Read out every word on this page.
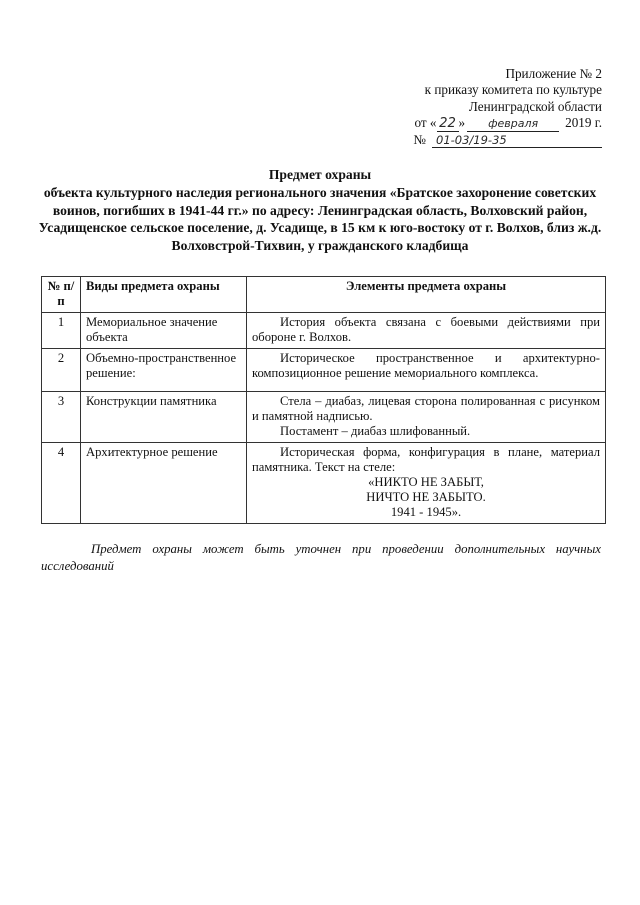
Приложение № 2
к приказу комитета по культуре
Ленинградской области
от « 22 »	февраля	2019 г.
№ 01-03/19-35
Предмет охраны
объекта культурного наследия регионального значения «Братское захоронение советских воинов, погибших в 1941-44 гг.» по адресу: Ленинградская область, Волховский район, Усадищенское сельское поселение, д. Усадище, в 15 км к юго-востоку от г. Волхов, близ ж.д. Волховстрой-Тихвин, у гражданского кладбища
№ п/п	Виды предмета охраны	Элементы предмета охраны
1	Мемориальное значение объекта	История объекта связана с боевыми действиями при обороне г. Волхов.

2	Объемно-пространственное решение:	Историческое пространственное и архитектурно-композиционное решение мемориального комплекса.

3	Конструкции памятника	Стела – диабаз, лицевая сторона полированная с рисунком и памятной надписью.
Постамент – диабаз шлифованный.

4	Архитектурное решение	Историческая форма, конфигурация в плане, материал памятника. Текст на стеле:
«НИКТО НЕ ЗАБЫТ,
НИЧТО НЕ ЗАБЫТО.
1941 - 1945».
Предмет охраны может быть уточнен при проведении дополнительных научных исследований
